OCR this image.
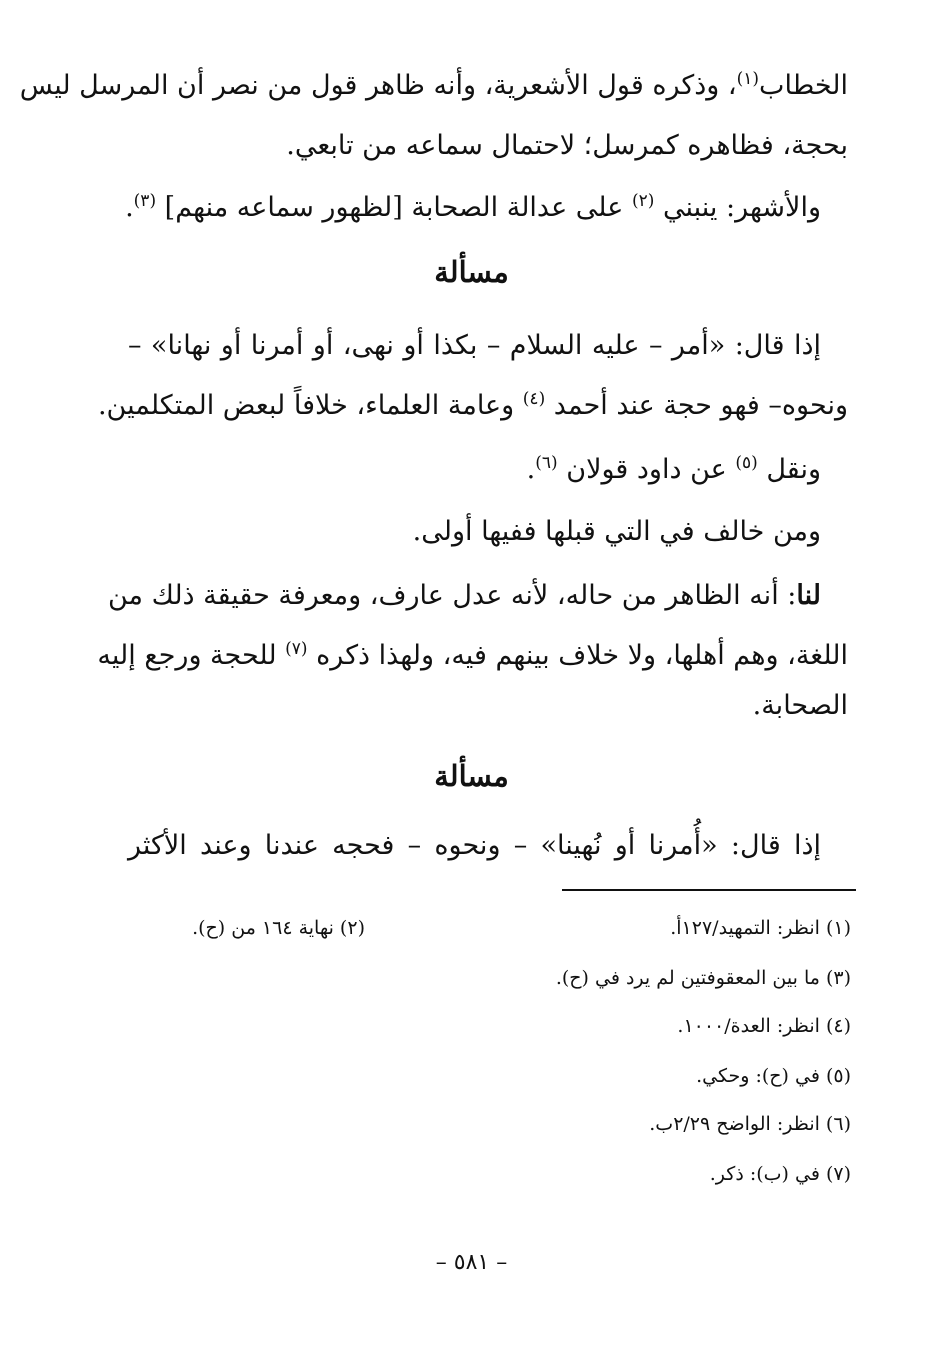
الخطاب$^{(١)}$، وذكره قول الأشعرية، وأنه ظاهر قول من نصر أن المرسل ليس
بحجة، فظاهره كمرسل؛ لاحتمال سماعه من تابعي.
والأشهر: ينبني $^{(٢)}$ على عدالة الصحابة [لظهور سماعه منهم] $^{(٣)}$.
مسألة
إذا قال: «أمر – عليه السلام – بكذا أو نهى، أو أمرنا أو نهانا» –
ونحوه– فهو حجة عند أحمد $^{(٤)}$ وعامة العلماء، خلافاً لبعض المتكلمين.
ونقل $^{(٥)}$ عن داود قولان $^{(٦)}$.
ومن خالف في التي قبلها ففيها أولى.
لنا: أنه الظاهر من حاله، لأنه عدل عارف، ومعرفة حقيقة ذلك من
اللغة، وهم أهلها، ولا خلاف بينهم فيه، ولهذا ذكره $^{(٧)}$ للحجة ورجع إليه
الصحابة.
مسألة
إذا قال: «أُمرنا أو نُهينا» – ونحوه – فحجه عندنا وعند الأكثر
(١) انظر: التمهيد/١٢٧أ.
(٢) نهاية ١٦٤ من (ح).
(٣) ما بين المعقوفتين لم يرد في (ح).
(٤) انظر: العدة/١٠٠٠.
(٥) في (ح): وحكي.
(٦) انظر: الواضح ٢/٢٩ب.
(٧) في (ب): ذكر.
– ٥٨١ –
